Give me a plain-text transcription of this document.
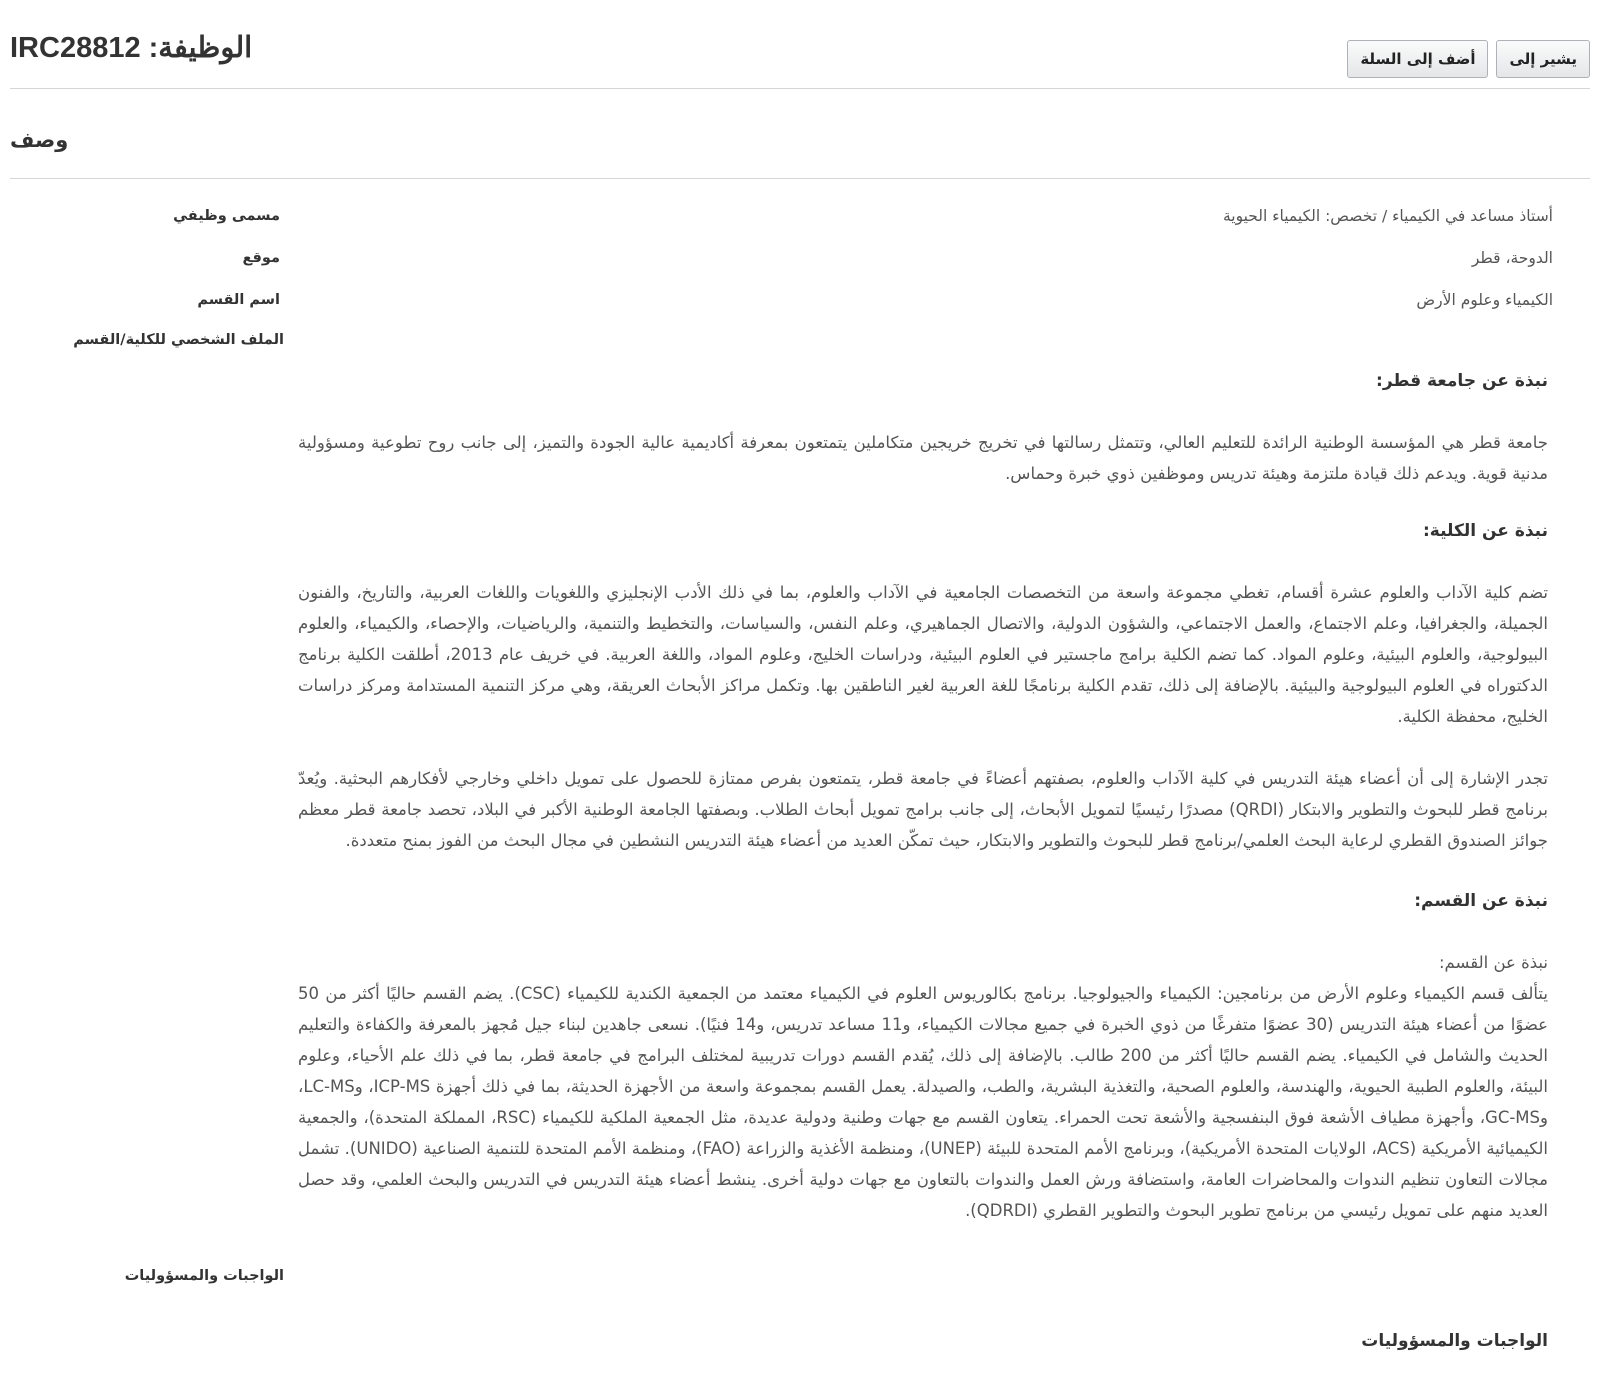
الوظيفة: IRC28812	يشير إلى
أضف إلى السلة
وصف
مسمى وظيفي	أستاذ مساعد في الكيمياء / تخصص: الكيمياء الحيوية
موقع	الدوحة، قطر
اسم القسم	الكيمياء وعلوم الأرض
الملف الشخصي للكلية/القسم
نبذة عن جامعة قطر:

جامعة قطر هي المؤسسة الوطنية الرائدة للتعليم العالي، وتتمثل رسالتها في تخريج خريجين متكاملين يتمتعون بمعرفة أكاديمية عالية الجودة والتميز، إلى جانب روح تطوعية ومسؤولية مدنية قوية. ويدعم ذلك قيادة ملتزمة وهيئة تدريس وموظفين ذوي خبرة وحماس.

نبذة عن الكلية:

تضم كلية الآداب والعلوم عشرة أقسام، تغطي مجموعة واسعة من التخصصات الجامعية في الآداب والعلوم، بما في ذلك الأدب الإنجليزي واللغويات واللغات العربية، والتاريخ، والفنون الجميلة، والجغرافيا، وعلم الاجتماع، والعمل الاجتماعي، والشؤون الدولية، والاتصال الجماهيري، وعلم النفس، والسياسات، والتخطيط والتنمية، والرياضيات، والإحصاء، والكيمياء، والعلوم البيولوجية، والعلوم البيئية، وعلوم المواد. كما تضم الكلية برامج ماجستير في العلوم البيئية، ودراسات الخليج، وعلوم المواد، واللغة العربية. في خريف عام 2013، أطلقت الكلية برنامج الدكتوراه في العلوم البيولوجية والبيئية. بالإضافة إلى ذلك، تقدم الكلية برنامجًا للغة العربية لغير الناطقين بها. وتكمل مراكز الأبحاث العريقة، وهي مركز التنمية المستدامة ومركز دراسات الخليج، محفظة الكلية.

تجدر الإشارة إلى أن أعضاء هيئة التدريس في كلية الآداب والعلوم، بصفتهم أعضاءً في جامعة قطر، يتمتعون بفرص ممتازة للحصول على تمويل داخلي وخارجي لأفكارهم البحثية. ويُعدّ برنامج قطر للبحوث والتطوير والابتكار (QRDI) مصدرًا رئيسيًا لتمويل الأبحاث، إلى جانب برامج تمويل أبحاث الطلاب. وبصفتها الجامعة الوطنية الأكبر في البلاد، تحصد جامعة قطر معظم جوائز الصندوق القطري لرعاية البحث العلمي/برنامج قطر للبحوث والتطوير والابتكار، حيث تمكّن العديد من أعضاء هيئة التدريس النشطين في مجال البحث من الفوز بمنح متعددة.

نبذة عن القسم:

نبذة عن القسم:

يتألف قسم الكيمياء وعلوم الأرض من برنامجين: الكيمياء والجيولوجيا. برنامج بكالوريوس العلوم في الكيمياء معتمد من الجمعية الكندية للكيمياء (CSC). يضم القسم حاليًا أكثر من 50 عضوًا من أعضاء هيئة التدريس (30 عضوًا متفرغًا من ذوي الخبرة في جميع مجالات الكيمياء، و11 مساعد تدريس، و14 فنيًا). نسعى جاهدين لبناء جيل مُجهز بالمعرفة والكفاءة والتعليم الحديث والشامل في الكيمياء. يضم القسم حاليًا أكثر من 200 طالب. بالإضافة إلى ذلك، يُقدم القسم دورات تدريبية لمختلف البرامج في جامعة قطر، بما في ذلك علم الأحياء، وعلوم البيئة، والعلوم الطبية الحيوية، والهندسة، والعلوم الصحية، والتغذية البشرية، والطب، والصيدلة. يعمل القسم بمجموعة واسعة من الأجهزة الحديثة، بما في ذلك أجهزة ICP-MS، وLC-MS، وGC-MS، وأجهزة مطياف الأشعة فوق البنفسجية والأشعة تحت الحمراء. يتعاون القسم مع جهات وطنية ودولية عديدة، مثل الجمعية الملكية للكيمياء (RSC، المملكة المتحدة)، والجمعية الكيميائية الأمريكية (ACS، الولايات المتحدة الأمريكية)، وبرنامج الأمم المتحدة للبيئة (UNEP)، ومنظمة الأغذية والزراعة (FAO)، ومنظمة الأمم المتحدة للتنمية الصناعية (UNIDO). تشمل مجالات التعاون تنظيم الندوات والمحاضرات العامة، واستضافة ورش العمل والندوات بالتعاون مع جهات دولية أخرى. ينشط أعضاء هيئة التدريس في التدريس والبحث العلمي، وقد حصل العديد منهم على تمويل رئيسي من برنامج تطوير البحوث والتطوير القطري (QDRDI).

الواجبات والمسؤوليات
الواجبات والمسؤوليات
